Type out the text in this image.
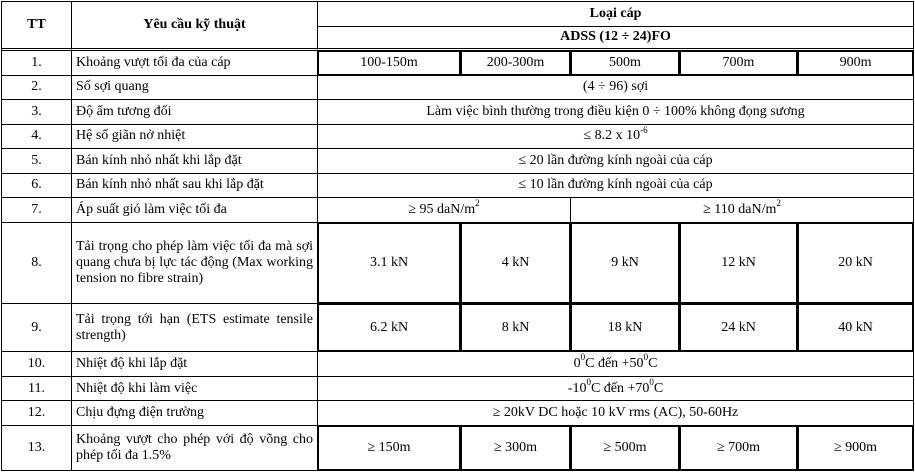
TT	Yêu cầu kỹ thuật	Loại cáp				
		ADSS (12 ÷ 24)FO				
1.	Khoảng vượt tối đa của cáp	100-150m	200-300m	500m	700m	900m
2.	Số sợi quang	(4 ÷ 96) sợi				
3.	Độ ẩm tương đối	Làm việc bình thường trong điều kiện 0 ÷ 100% không đọng sương				
4.	Hệ số giãn nở nhiệt	≤ 8.2 x $10^{-6}$
5.	Bán kính nhỏ nhất khi lắp đặt	≤ 20 lần đường kính ngoài của cáp				
6.	Bán kính nhỏ nhất sau khi lắp đặt	≤ 10 lần đường kính ngoài của cáp				
7.	Áp suất gió làm việc tối đa	≥ 95 daN/$m^2$		≥ 110 daN/$m^2$
8.	Tải trọng cho phép làm việc tối đa mà sợi quang chưa bị lực tác động (Max working tension no fibre strain)	3.1 kN	4 kN	9 kN	12 kN	20 kN
9.	Tải trọng tới hạn (ETS estimate tensile strength)	6.2 kN	8 kN	18 kN	24 kN	40 kN
10.	Nhiệt độ khi lắp đặt	$0^0C$ đến $+50^0C$				
11.	Nhiệt độ khi làm việc	$-10^0C$ đến $+70^0C$				
12.	Chịu đựng điện trường	≥ 20kV DC hoặc 10 kV rms (AC), 50-60Hz				
13.	Khoảng vượt cho phép với độ võng cho phép tối đa 1.5%	≥ 150m	≥ 300m	≥ 500m	≥ 700m	≥ 900m
